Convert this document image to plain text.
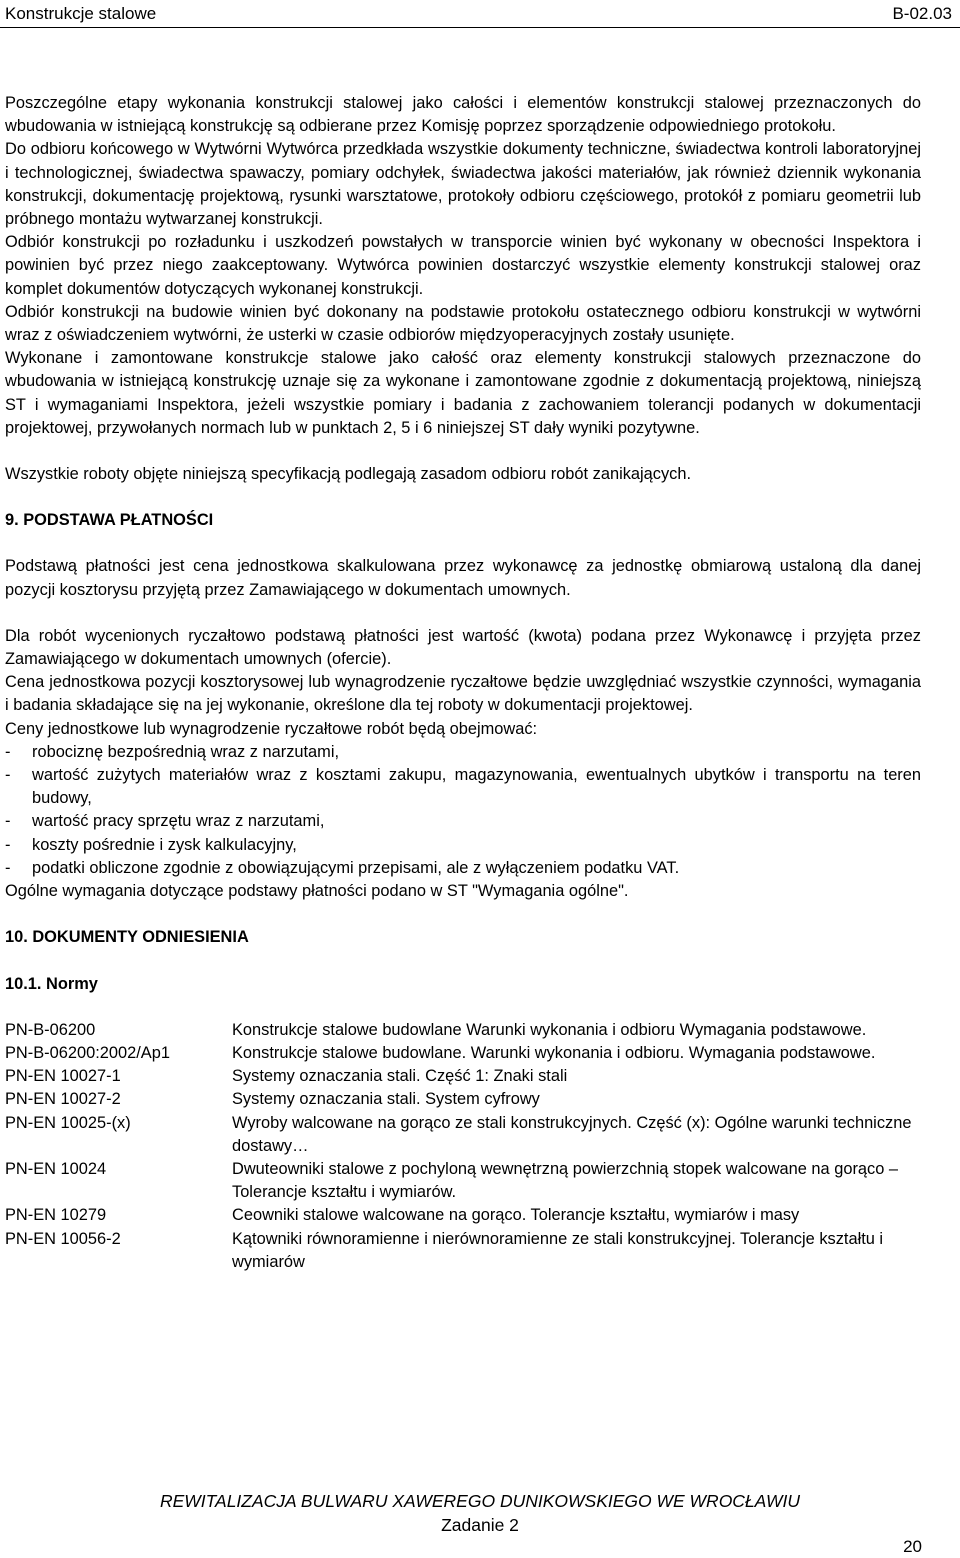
Konstrukcje stalowe	B-02.03

Poszczególne etapy wykonania konstrukcji stalowej jako całości i elementów konstrukcji stalowej przeznaczonych do wbudowania w istniejącą konstrukcję są odbierane przez Komisję poprzez sporządzenie odpowiedniego protokołu.

Do odbioru końcowego w Wytwórni Wytwórca przedkłada wszystkie dokumenty techniczne, świadectwa kontroli laboratoryjnej i technologicznej, świadectwa spawaczy, pomiary odchyłek, świadectwa jakości materiałów, jak również dziennik wykonania konstrukcji, dokumentację projektową, rysunki warsztatowe, protokoły odbioru częściowego, protokół z pomiaru geometrii lub próbnego montażu wytwarzanej konstrukcji.

Odbiór konstrukcji po rozładunku i uszkodzeń powstałych w transporcie winien być wykonany w obecności Inspektora i powinien być przez niego zaakceptowany. Wytwórca powinien dostarczyć wszystkie elementy konstrukcji stalowej oraz komplet dokumentów dotyczących wykonanej konstrukcji.

Odbiór konstrukcji na budowie winien być dokonany na podstawie protokołu ostatecznego odbioru konstrukcji w wytwórni wraz z oświadczeniem wytwórni, że usterki w czasie odbiorów międzyoperacyjnych zostały usunięte.

Wykonane i zamontowane konstrukcje stalowe jako całość oraz elementy konstrukcji stalowych przeznaczone do wbudowania w istniejącą konstrukcję uznaje się za wykonane i zamontowane zgodnie z dokumentacją projektową, niniejszą ST i wymaganiami Inspektora, jeżeli wszystkie pomiary i badania z zachowaniem tolerancji podanych w dokumentacji projektowej, przywołanych normach lub w punktach 2, 5 i 6 niniejszej ST dały wyniki pozytywne.

Wszystkie roboty objęte niniejszą specyfikacją podlegają zasadom odbioru robót zanikających.

9. PODSTAWA PŁATNOŚCI

Podstawą płatności jest cena jednostkowa skalkulowana przez wykonawcę za jednostkę obmiarową ustaloną dla danej pozycji kosztorysu przyjętą przez Zamawiającego w dokumentach umownych.

Dla robót wycenionych ryczałtowo podstawą płatności jest wartość (kwota) podana przez Wykonawcę i przyjęta przez Zamawiającego w dokumentach umownych (ofercie).

Cena jednostkowa pozycji kosztorysowej lub wynagrodzenie ryczałtowe będzie uwzględniać wszystkie czynności, wymagania i badania składające się na jej wykonanie, określone dla tej roboty w dokumentacji projektowej.

Ceny jednostkowe lub wynagrodzenie ryczałtowe robót będą obejmować:

- robociznę bezpośrednią wraz z narzutami,
- wartość zużytych materiałów wraz z kosztami zakupu, magazynowania, ewentualnych ubytków i transportu na teren budowy,
- wartość pracy sprzętu wraz z narzutami,
- koszty pośrednie i zysk kalkulacyjny,
- podatki obliczone zgodnie z obowiązującymi przepisami, ale z wyłączeniem podatku VAT.

Ogólne wymagania dotyczące podstawy płatności podano w ST "Wymagania ogólne".

10. DOKUMENTY ODNIESIENIA

10.1. Normy

PN-B-06200	Konstrukcje stalowe budowlane Warunki wykonania i odbioru Wymagania podstawowe.
PN-B-06200:2002/Ap1	Konstrukcje stalowe budowlane. Warunki wykonania i odbioru. Wymagania podstawowe.
PN-EN 10027-1	Systemy oznaczania stali. Część 1: Znaki stali
PN-EN 10027-2	Systemy oznaczania stali. System cyfrowy
PN-EN 10025-(x)	Wyroby walcowane na gorąco ze stali konstrukcyjnych. Część (x): Ogólne warunki techniczne dostawy…
PN-EN 10024	Dwuteowniki stalowe z pochyloną wewnętrzną powierzchnią stopek walcowane na gorąco – Tolerancje kształtu i wymiarów.
PN-EN 10279	Ceowniki stalowe walcowane na gorąco. Tolerancje kształtu, wymiarów i masy
PN-EN 10056-2	Kątowniki równoramienne i nierównoramienne ze stali konstrukcyjnej. Tolerancje kształtu i wymiarów
REWITALIZACJA BULWARU XAWEREGO DUNIKOWSKIEGO WE WROCŁAWIU
Zadanie 2
20
